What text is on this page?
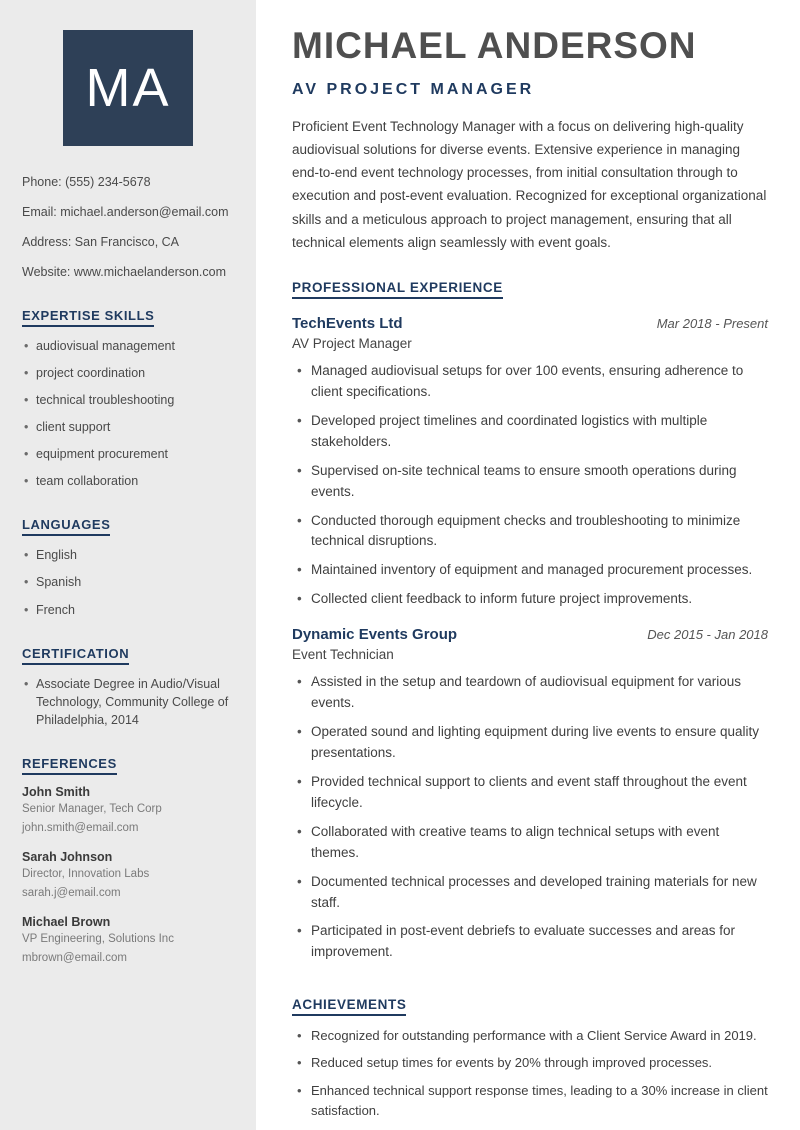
MA

Phone: (555) 234-5678

Email: michael.anderson@email.com

Address: San Francisco, CA

Website: www.michaelanderson.com

EXPERTISE SKILLS
• audiovisual management
• project coordination
• technical troubleshooting
• client support
• equipment procurement
• team collaboration
LANGUAGES
• English
• Spanish
• French
CERTIFICATION
• Associate Degree in Audio/Visual Technology, Community College of Philadelphia, 2014
REFERENCES

John Smith

Senior Manager, Tech Corp

john.smith@email.com

Sarah Johnson

Director, Innovation Labs

sarah.j@email.com

Michael Brown

VP Engineering, Solutions Inc

mbrown@email.com

MICHAEL ANDERSON
AV PROJECT MANAGER

Proficient Event Technology Manager with a focus on delivering high-quality audiovisual solutions for diverse events. Extensive experience in managing end-to-end event technology processes, from initial consultation through to execution and post-event evaluation. Recognized for exceptional organizational skills and a meticulous approach to project management, ensuring that all technical elements align seamlessly with event goals.

PROFESSIONAL EXPERIENCE
TechEvents Ltd	Mar 2018 - Present
AV Project Manager
• Managed audiovisual setups for over 100 events, ensuring adherence to client specifications.
• Developed project timelines and coordinated logistics with multiple stakeholders.
• Supervised on-site technical teams to ensure smooth operations during events.
• Conducted thorough equipment checks and troubleshooting to minimize technical disruptions.
• Maintained inventory of equipment and managed procurement processes.
• Collected client feedback to inform future project improvements.
Dynamic Events Group	Dec 2015 - Jan 2018
Event Technician
• Assisted in the setup and teardown of audiovisual equipment for various events.
• Operated sound and lighting equipment during live events to ensure quality presentations.
• Provided technical support to clients and event staff throughout the event lifecycle.
• Collaborated with creative teams to align technical setups with event themes.
• Documented technical processes and developed training materials for new staff.
• Participated in post-event debriefs to evaluate successes and areas for improvement.
ACHIEVEMENTS
• Recognized for outstanding performance with a Client Service Award in 2019.
• Reduced setup times for events by 20% through improved processes.
• Enhanced technical support response times, leading to a 30% increase in client satisfaction.
